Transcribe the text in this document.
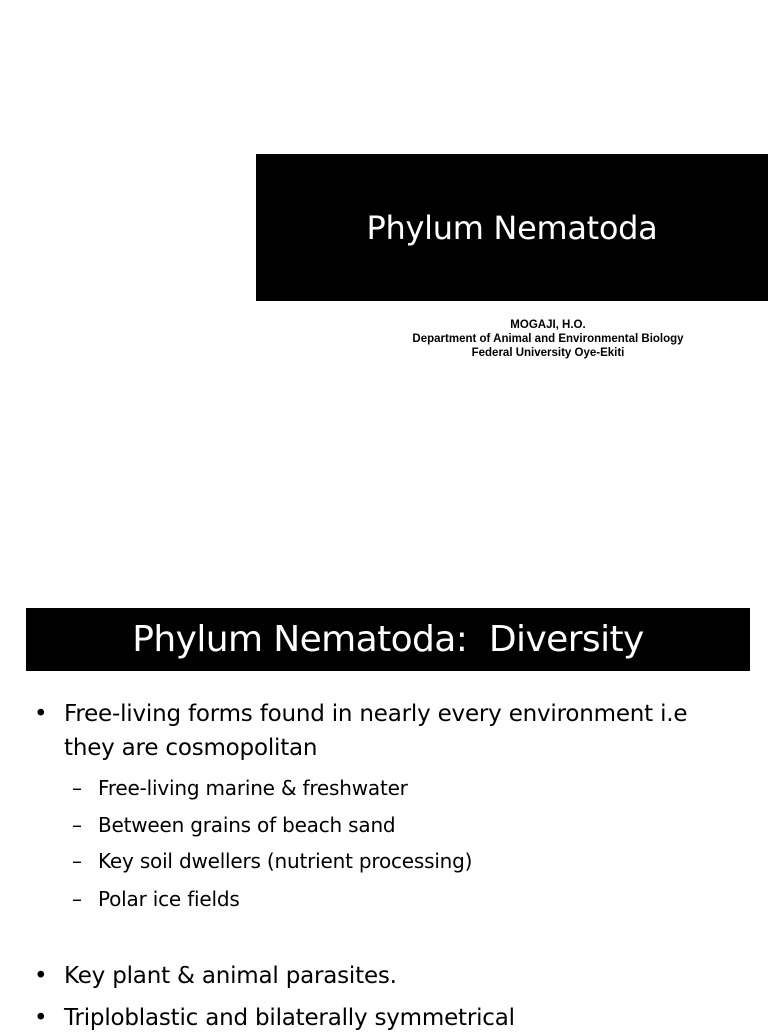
Phylum Nematoda
MOGAJI, H.O.
Department of Animal and Environmental Biology
Federal University Oye-Ekiti
Phylum Nematoda:  Diversity
• Free-living forms found in nearly every environment i.e they are cosmopolitan
– Free-living marine & freshwater
– Between grains of beach sand
– Key soil dwellers (nutrient processing)
– Polar ice fields
• Key plant & animal parasites.
• Triploblastic and bilaterally symmetrical
